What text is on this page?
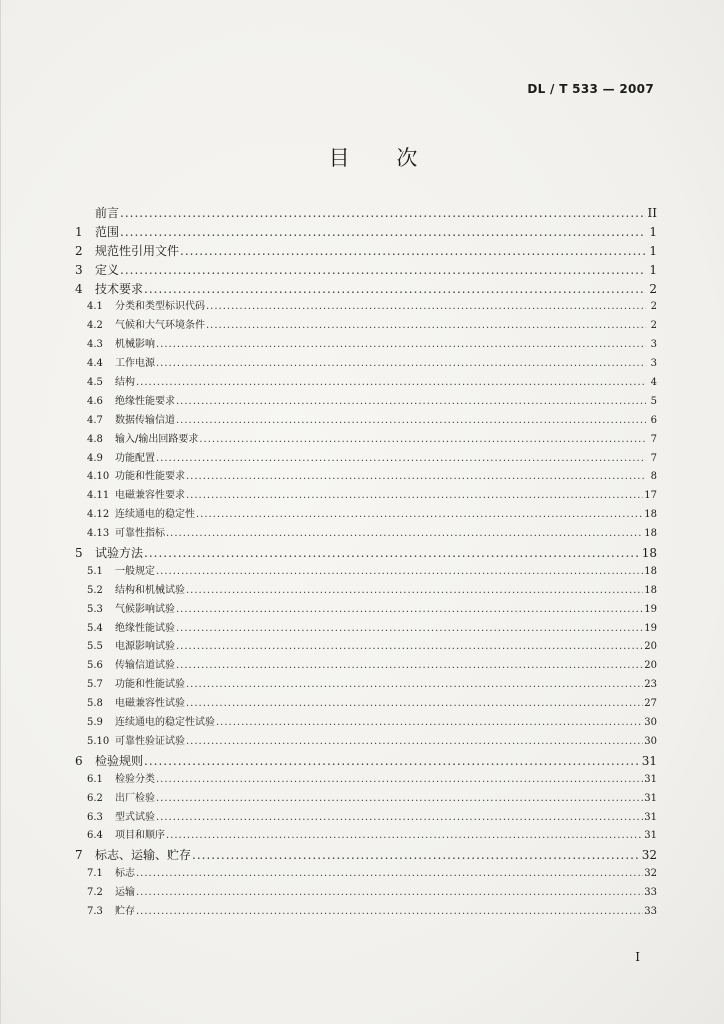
DL / T 533 — 2007
目 次
前言 .....	II
1	范围 .....	1
2	规范性引用文件 .....	1
3	定义 .....	1
4	技术要求 .....	2
4.1	分类和类型标识代码 .....	2
4.2	气候和大气环境条件 .....	2
4.3	机械影响 .....	3
4.4	工作电源 .....	3
4.5	结构 .....	4
4.6	绝缘性能要求 .....	5
4.7	数据传输信道 .....	6
4.8	输入/输出回路要求 .....	7
4.9	功能配置 .....	7
4.10 功能和性能要求 .....	8
4.11 电磁兼容性要求 .....	17
4.12 连续通电的稳定性 .....	18
4.13 可靠性指标 .....	18
5	试验方法 .....	18
5.1	一般规定 .....	18
5.2	结构和机械试验 .....	18
5.3	气候影响试验 .....	19
5.4	绝缘性能试验 .....	19
5.5	电源影响试验 .....	20
5.6	传输信道试验 .....	20
5.7	功能和性能试验 .....	23
5.8	电磁兼容性试验 .....	27
5.9	连续通电的稳定性试验 .....	30
5.10 可靠性验证试验 .....	30
6	检验规则 .....	31
6.1	检验分类 .....	31
6.2	出厂检验 .....	31
6.3	型式试验 .....	31
6.4	项目和顺序 .....	31
7	标志、运输、贮存 .....	32
7.1	标志 .....	32
7.2	运输 .....	33
7.3	贮存 .....	33
I
